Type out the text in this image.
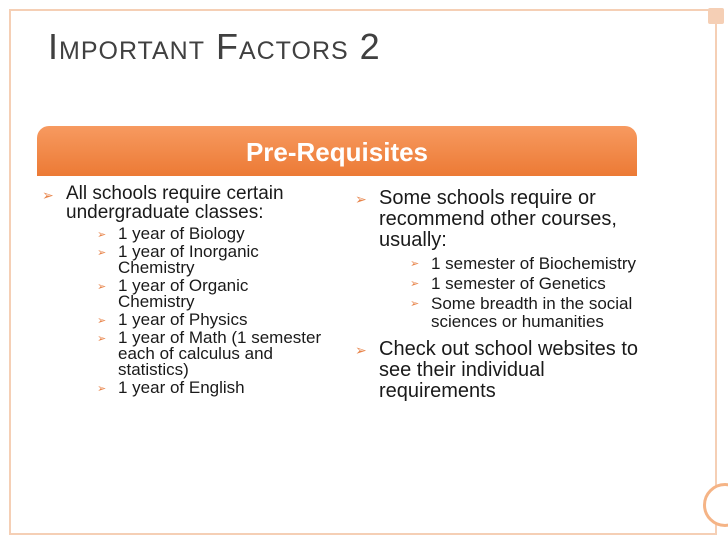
Important Factors 2
Pre-Requisites
➢ All schools require certain undergraduate classes:
➢ 1 year of Biology
➢ 1 year of Inorganic Chemistry
➢ 1 year of Organic Chemistry
➢ 1 year of Physics
➢ 1 year of Math (1 semester each of calculus and statistics)
➢ 1 year of English
➢ Some schools require or recommend other courses, usually:
➢ 1 semester of Biochemistry
➢ 1 semester of Genetics
➢ Some breadth in the social sciences or humanities
➢ Check out school websites to see their individual requirements
